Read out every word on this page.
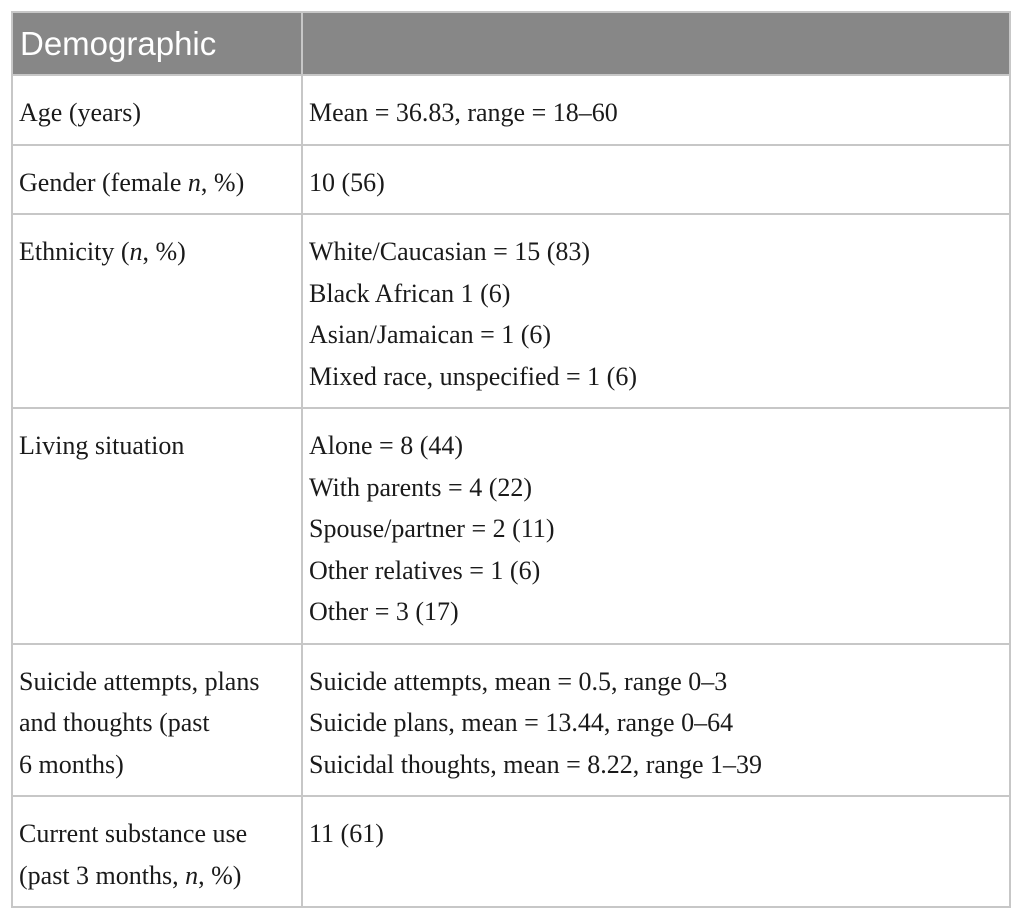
Demographic	

Age (years)	Mean = 36.83, range = 18–60

Gender (female n, %)	10 (56)

Ethnicity (n, %)	White/Caucasian = 15 (83)
Black African 1 (6)
Asian/Jamaican = 1 (6)
Mixed race, unspecified = 1 (6)

Living situation	Alone = 8 (44)
With parents = 4 (22)
Spouse/partner = 2 (11)
Other relatives = 1 (6)
Other = 3 (17)

Suicide attempts, plans
and thoughts (past
6 months)	Suicide attempts, mean = 0.5, range 0–3
Suicide plans, mean = 13.44, range 0–64
Suicidal thoughts, mean = 8.22, range 1–39

Current substance use
(past 3 months, n, %)	11 (61)
